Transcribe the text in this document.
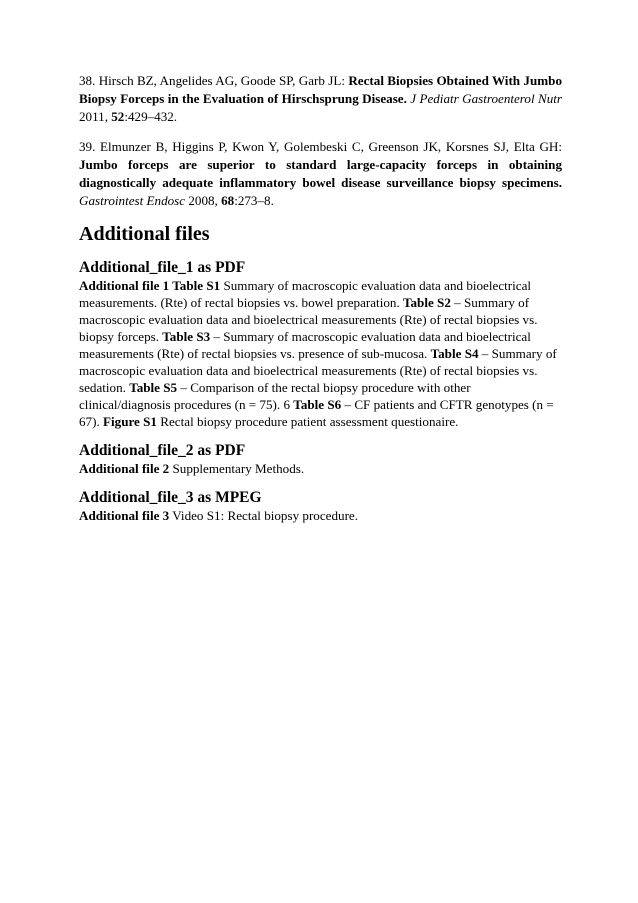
38. Hirsch BZ, Angelides AG, Goode SP, Garb JL: Rectal Biopsies Obtained With Jumbo Biopsy Forceps in the Evaluation of Hirschsprung Disease. J Pediatr Gastroenterol Nutr 2011, 52:429–432.

39. Elmunzer B, Higgins P, Kwon Y, Golembeski C, Greenson JK, Korsnes SJ, Elta GH: Jumbo forceps are superior to standard large-capacity forceps in obtaining diagnostically adequate inflammatory bowel disease surveillance biopsy specimens. Gastrointest Endosc 2008, 68:273–8.

Additional files
Additional_file_1 as PDF

Additional file 1 Table S1 Summary of macroscopic evaluation data and bioelectrical measurements. (Rte) of rectal biopsies vs. bowel preparation. Table S2 – Summary of macroscopic evaluation data and bioelectrical measurements (Rte) of rectal biopsies vs. biopsy forceps. Table S3 – Summary of macroscopic evaluation data and bioelectrical measurements (Rte) of rectal biopsies vs. presence of sub-mucosa. Table S4 – Summary of macroscopic evaluation data and bioelectrical measurements (Rte) of rectal biopsies vs. sedation. Table S5 – Comparison of the rectal biopsy procedure with other clinical/diagnosis procedures (n = 75). 6 Table S6 – CF patients and CFTR genotypes (n = 67). Figure S1 Rectal biopsy procedure patient assessment questionaire.

Additional_file_2 as PDF

Additional file 2 Supplementary Methods.

Additional_file_3 as MPEG

Additional file 3 Video S1: Rectal biopsy procedure.
